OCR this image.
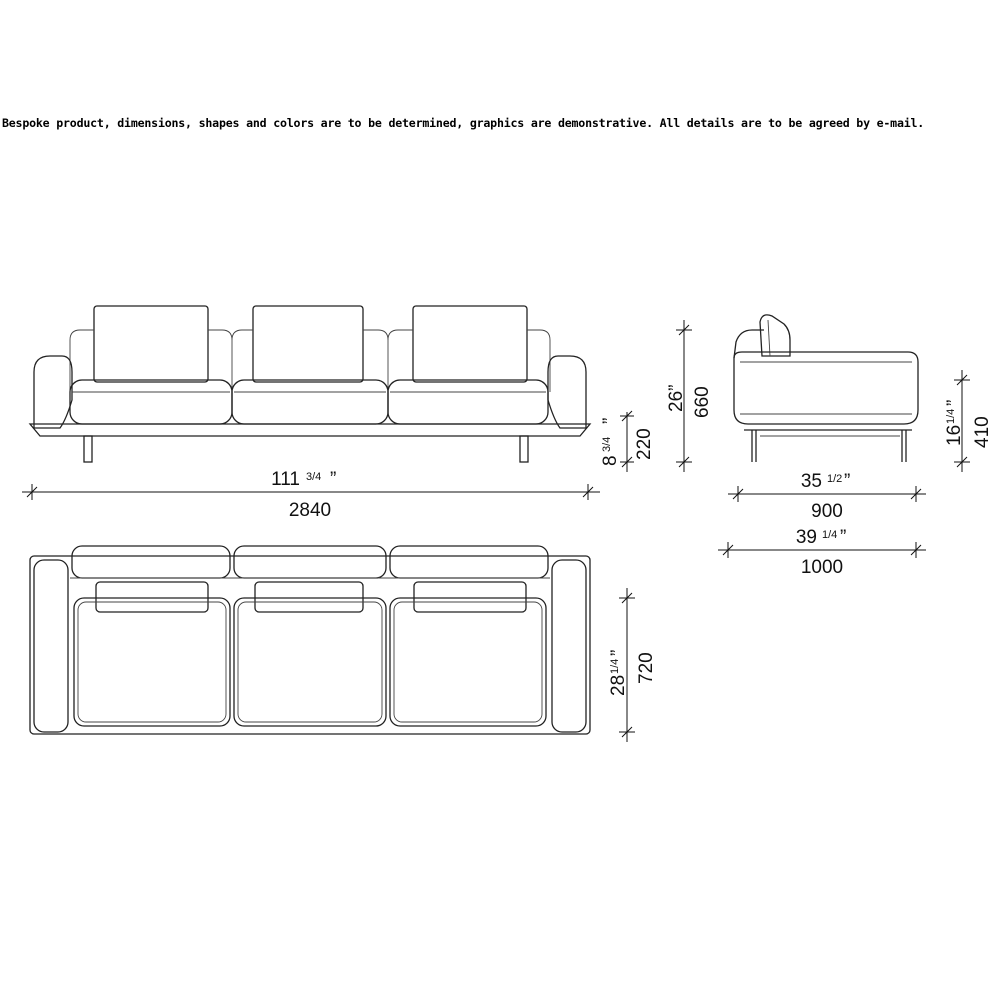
Bespoke product, dimensions, shapes and colors are to be determined, graphics are demonstrative. All details are to be agreed by e-mail.
111 3/4 ”
2840
8
3/4
”
220
26” 660
16
1/4
”
410
35 1/2 ”
900
39 1/4 ”
1000
28
1/4
” 720
